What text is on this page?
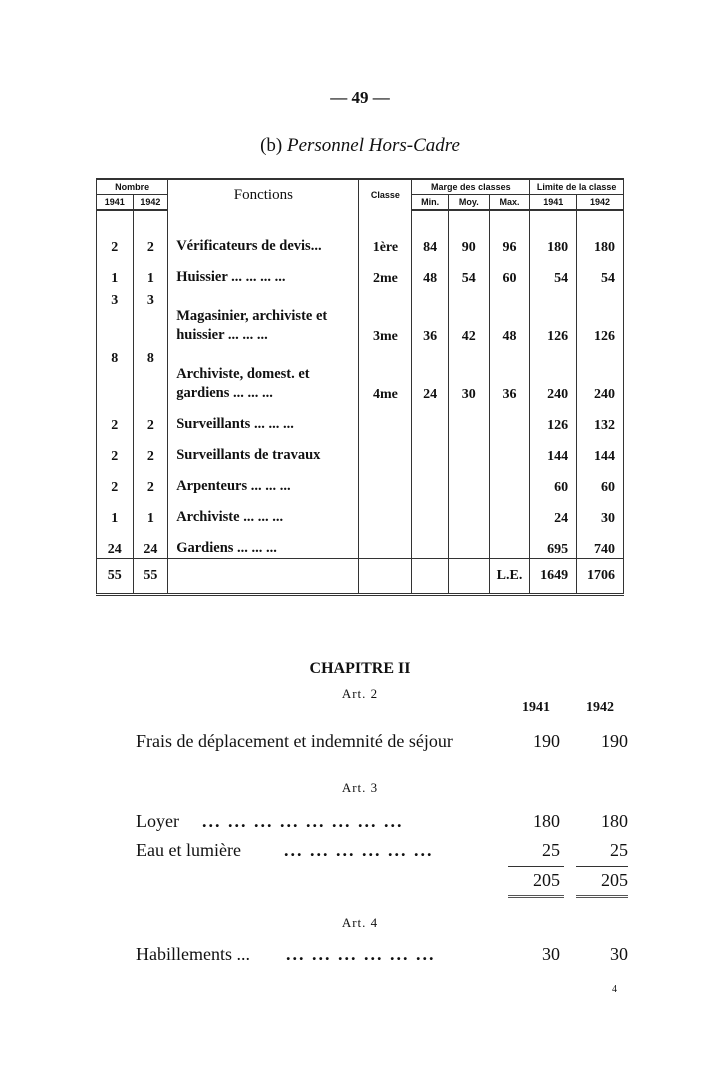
— 49 —
(b) Personnel Hors-Cadre
Nombre		Fonctions	Classe	Marge des classes			Limite de la classe	
1941	1942			Min.	Moy.	Max.	1941	1942
2	2	Vérificateurs de devis...	1ère	84	90	96	180	180
1	1	Huissier ... ... ... ...	2me	48	54	60	54	54
3	3	Magasinier, archiviste et huissier ... ... ...	3me	36	42	48	126	126
8	8	Archiviste, domest. et gardiens ... ... ...	4me	24	30	36	240	240
2	2	Surveillants ... ... ...					126	132
2	2	Surveillants de travaux					144	144
2	2	Arpenteurs ... ... ...					60	60
1	1	Archiviste ... ... ...					24	30
24	24	Gardiens ... ... ...					695	740
55	55					L.E.	1649	1706
CHAPITRE II
Art. 2
1941	1942
Frais de déplacement et indemnité de séjour	190	190
Art. 3
Loyer ... ... ... ... ... ... ... ...	180	180
Eau et lumière ... ... ... ... ... ...	25	25
205	205
Art. 4
Habillements ... ... ... ... ... ... ...	30	30
4
